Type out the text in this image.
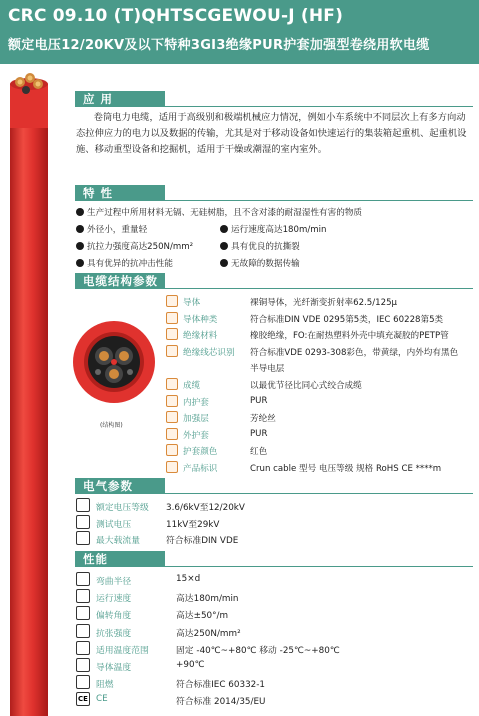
CRC 09.10 (T)QHTSCGEWOU-J (HF)
额定电压12/20KV及以下特种3GI3绝缘PUR护套加强型卷绕用软电缆
应 用
卷筒电力电缆，适用于高级别和极端机械应力情况，例如小车系统中不同层次上有多方向动态拉伸应力的电力以及数据的传输，尤其是对于移动设备如快速运行的集装箱起重机、起重机设施、移动重型设备和挖掘机，适用于干燥或潮湿的室内室外。
特 性
生产过程中所用材料无镉、无硅树脂，且不含对漆的耐湿湿性有害的物质
外径小，重量轻	运行速度高达180m/min
抗拉力强度高达250N/mm²	具有优良的抗撕裂
具有优异的抗冲击性能	无故障的数据传输
电缆结构参数
(结构图)
导体	裸铜导体，光纤渐变折射率62.5/125μ
导体种类	符合标准DIN VDE 0295第5类，IEC 60228第5类
绝缘材料	橡胶绝缘，FO:在耐热塑料外壳中填充凝胶的PETP管
绝缘线芯识别 符合标准VDE 0293-308彩色，带黄绿，内外均有黑色
半导电层
成缆	以最优节径比同心式绞合成缆
内护套	PUR
加强层	芳纶丝
外护套	PUR
护套颜色	红色
产品标识	Crun cable 型号 电压等级 规格 RoHS CE ****m
电气参数
额定电压等级 3.6/6kV至12/20kV
测试电压	11kV至29kV
最大载流量	符合标准DIN VDE
性能
弯曲半径	15×d
运行速度	高达180m/min
偏转角度	高达±50°/m
抗张强度	高达250N/mm²
适用温度范围	固定 -40℃~+80℃ 移动 -25℃~+80℃
导体温度	+90℃
阻燃	符合标准IEC 60332-1
CE CE	符合标准 2014/35/EU
